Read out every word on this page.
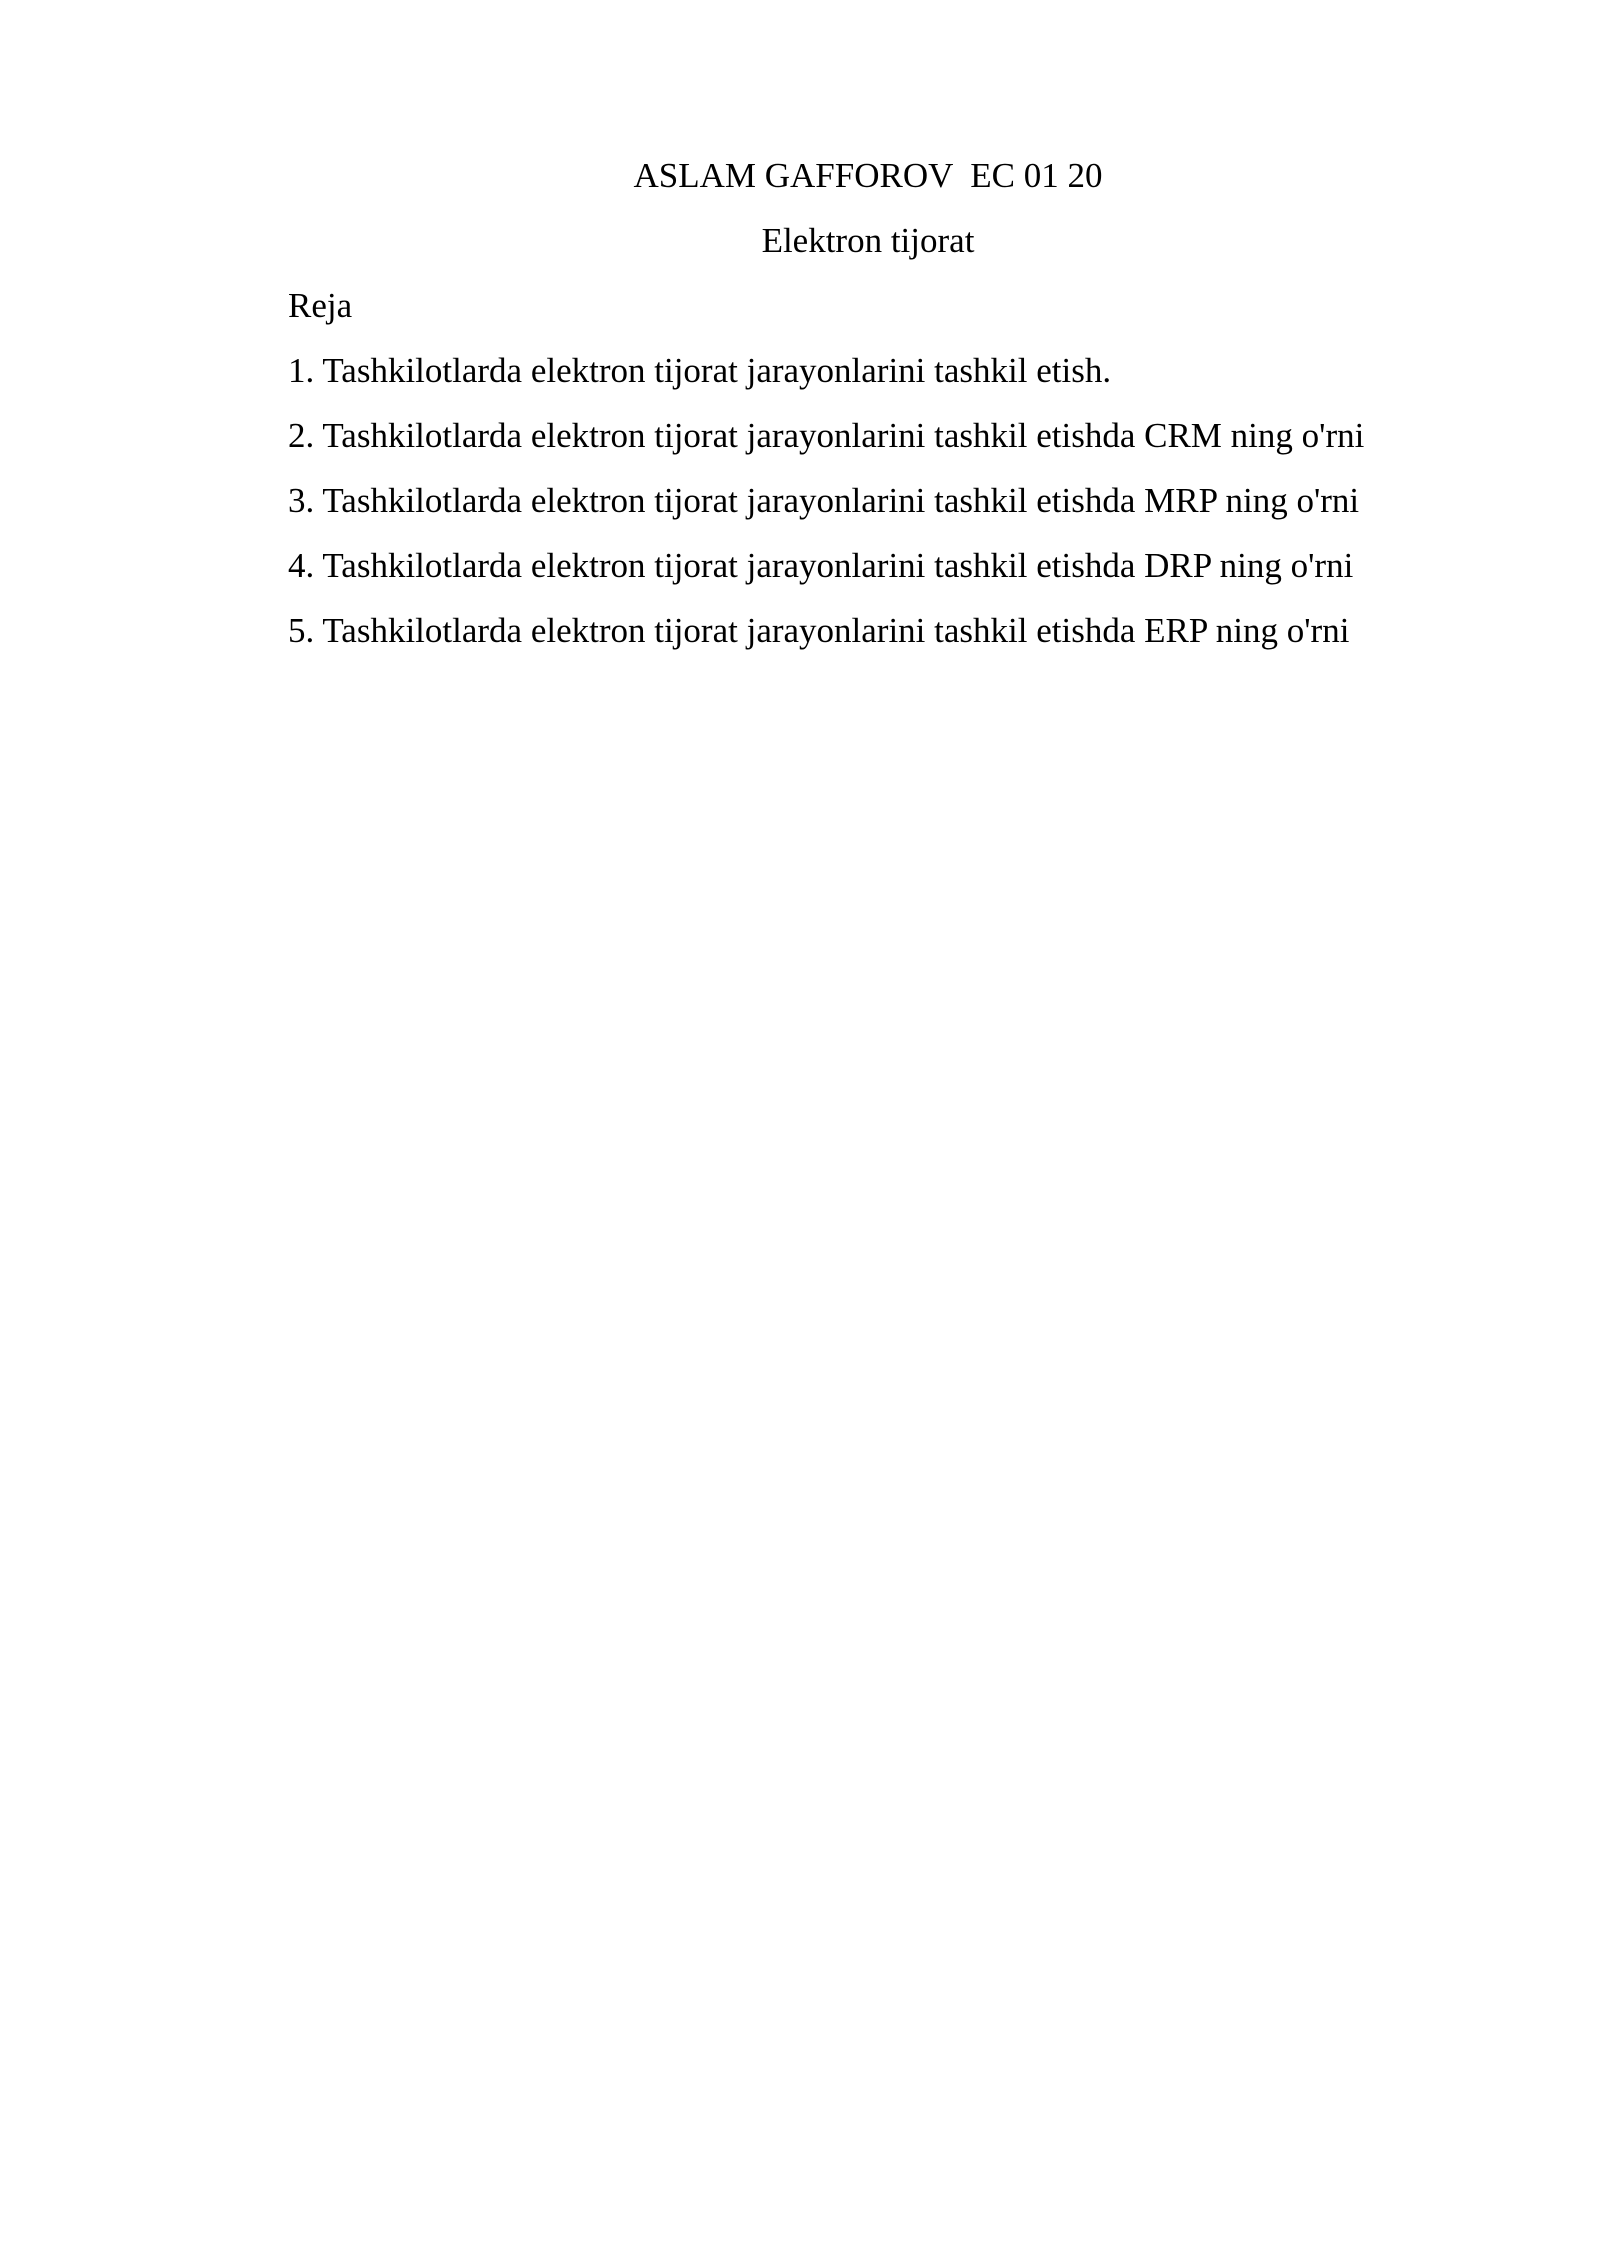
ASLAM GAFFOROV  EC 01 20
Elektron tijorat
Reja
1. Tashkilotlarda elektron tijorat jarayonlarini tashkil etish.
2. Tashkilotlarda elektron tijorat jarayonlarini tashkil etishda CRM ning o'rni
3. Tashkilotlarda elektron tijorat jarayonlarini tashkil etishda MRP ning o'rni
4. Tashkilotlarda elektron tijorat jarayonlarini tashkil etishda DRP ning o'rni
5. Tashkilotlarda elektron tijorat jarayonlarini tashkil etishda ERP ning o'rni
